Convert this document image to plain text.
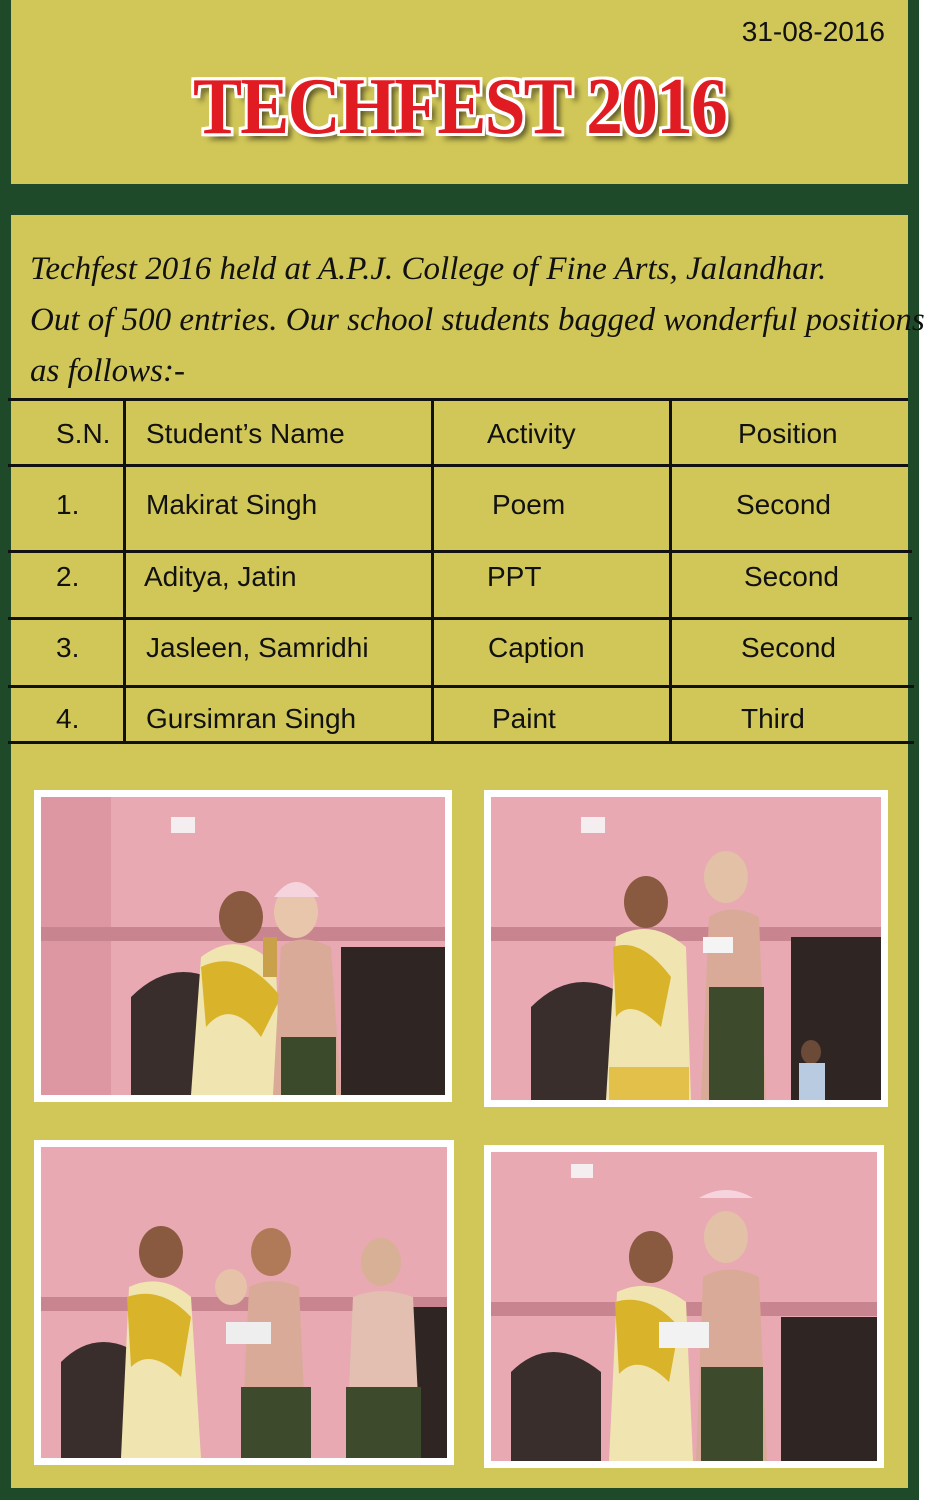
31-08-2016
TECHFEST 2016
Techfest 2016 held at A.P.J. College of Fine Arts, Jalandhar.
Out of 500 entries. Our school students bagged wonderful positions
as follows:-
S.N. Student’s Name	Activity	Position
1. Makirat Singh	Poem	Second
2. Aditya, Jatin	PPT	Second
3. Jasleen, Samridhi	Caption	Second
4. Gursimran Singh	Paint	Third
